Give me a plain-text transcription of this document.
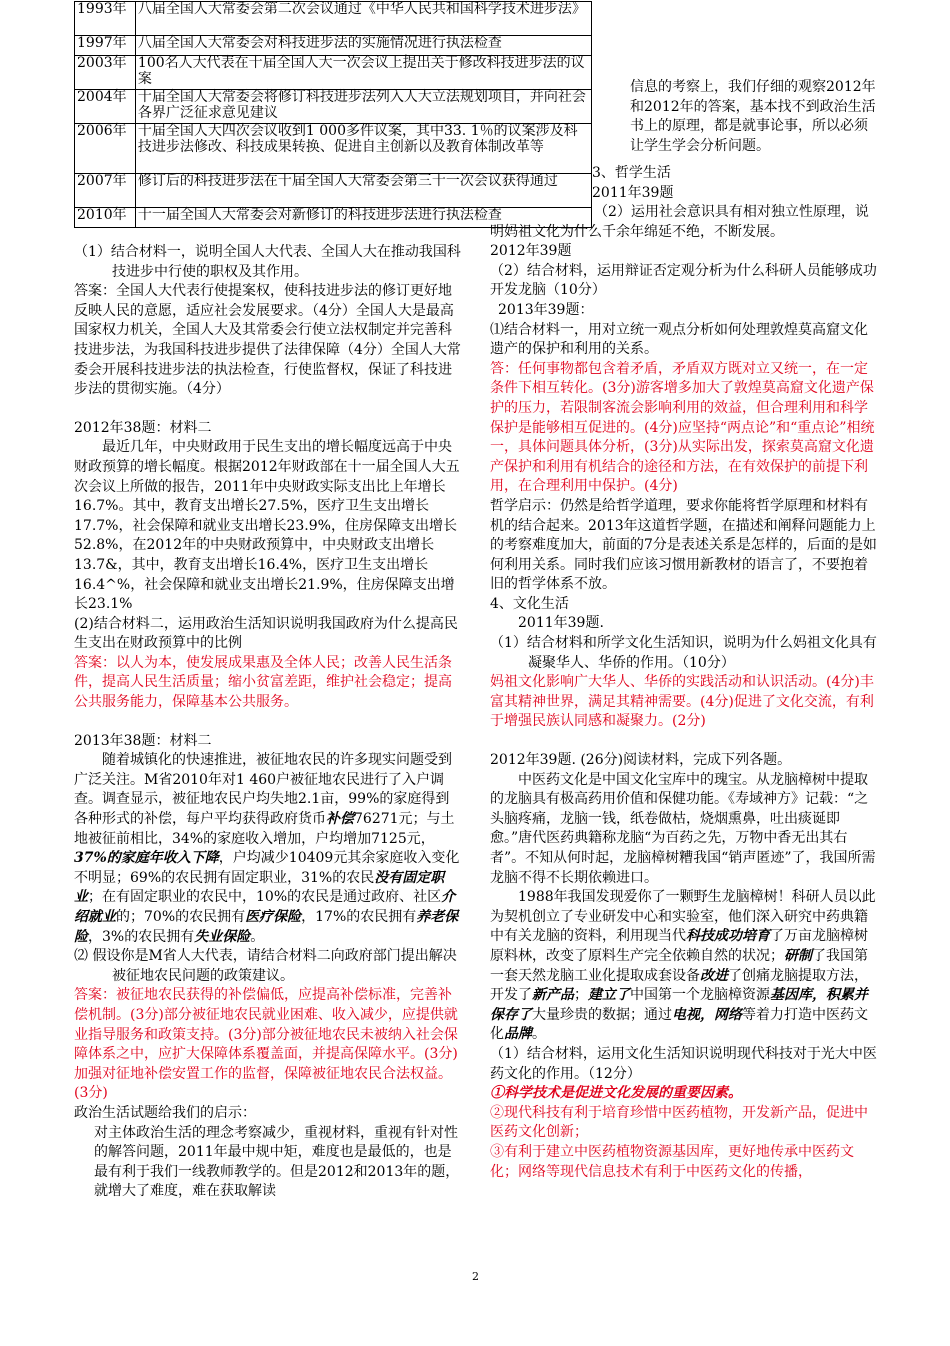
1993年	八届全国人大常委会第二次会议通过《中华人民共和国科学技术进步法》
1997年	八届全国人大常委会对科技进步法的实施情况进行执法检查
2003年	100名人大代表在十届全国人大一次会议上提出关于修改科技进步法的议案
2004年	十届全国人大常委会将修订科技进步法列入人大立法规划项目，并向社会各界广泛征求意见建议
2006年	十届全国人大四次会议收到1 000多件议案，其中33. 1％的议案涉及科技进步法修改、科技成果转换、促进自主创新以及教育体制改革等
2007年	修订后的科技进步法在十届全国人大常委会第三十一次会议获得通过
2010年	十一届全国人大常委会对新修订的科技进步法进行执法检查

信息的考察上，我们仔细的观察2012年和2012年的答案，基本找不到政治生活书上的原理，都是就事论事，所以必须让学生学会分析问题。

3、哲学生活

2011年39题

（1）结合材料一，说明全国人大代表、全国人大在推动我国科技进步中行使的职权及其作用。

答案：全国人大代表行使提案权，使科技进步法的修订更好地反映人民的意愿，适应社会发展要求。（4分）全国人大是最高国家权力机关，全国人大及其常委会行使立法权制定并完善科技进步法，为我国科技进步提供了法律保障（4分）全国人大常委会开展科技进步法的执法检查，行使监督权，保证了科技进步法的贯彻实施。（4分）

2012年38题：材料二

最近几年，中央财政用于民生支出的增长幅度远高于中央财政预算的增长幅度。根据2012年财政部在十一届全国人大五次会议上所做的报告，2011年中央财政实际支出比上年增长16.7%。其中，教育支出增长27.5%，医疗卫生支出增长17.7%，社会保障和就业支出增长23.9%，住房保障支出增长52.8%，在2012年的中央财政预算中，中央财政支出增长13.7&，其中，教育支出增长16.4%，医疗卫生支出增长16.4^%，社会保障和就业支出增长21.9%，住房保障支出增长23.1%

(2)结合材料二，运用政治生活知识说明我国政府为什么提高民生支出在财政预算中的比例

答案：以人为本，使发展成果惠及全体人民；改善人民生活条件，提高人民生活质量；缩小贫富差距，维护社会稳定；提高公共服务能力，保障基本公共服务。

2013年38题：材料二

随着城镇化的快速推进，被征地农民的许多现实问题受到广泛关注。M省2010年对1 460户被征地农民进行了入户调查。调查显示，被征地农民户均失地2.1亩，99%的家庭得到各种形式的补偿，每户平均获得政府货币补偿76271元；与土地被征前相比，34%的家庭收入增加，户均增加7125元，37%的家庭年收入下降，户均减少10409元其余家庭收入变化不明显；69%的农民拥有固定职业，31%的农民没有固定职业；在有固定职业的农民中，10%的农民是通过政府、社区介绍就业的；70%的农民拥有医疗保险，17%的农民拥有养老保险，3%的农民拥有失业保险。

⑵ 假设你是M省人大代表，请结合材料二向政府部门提出解决被征地农民问题的政策建议。

答案：被征地农民获得的补偿偏低，应提高补偿标准，完善补偿机制。(3分)部分被征地农民就业困难、收入减少，应提供就业指导服务和政策支持。(3分)部分被征地农民未被纳入社会保障体系之中，应扩大保障体系覆盖面，并提高保障水平。(3分)加强对征地补偿安置工作的监督，保障被征地农民合法权益。(3分)

政治生活试题给我们的启示：

对主体政治生活的理念考察减少，重视材料，重视有针对性的解答问题，2011年最中规中矩，难度也是最低的，也是最有利于我们一线教师教学的。但是2012和2013年的题，就增大了难度，难在获取解读

（2）运用社会意识具有相对独立性原理，说明妈祖文化为什么千余年绵延不绝，不断发展。

2012年39题

（2）结合材料，运用辩证否定观分析为什么科研人员能够成功开发龙脑（10分）

2013年39题：

⑴结合材料一，用对立统一观点分析如何处理敦煌莫高窟文化遗产的保护和利用的关系。

答：任何事物都包含着矛盾，矛盾双方既对立又统一，在一定条件下相互转化。(3分)游客增多加大了敦煌莫高窟文化遗产保护的压力，若限制客流会影响利用的效益，但合理利用和科学保护是能够相互促进的。(4分)应坚持“两点论”和“重点论”相统一，具体问题具体分析，(3分)从实际出发，探索莫高窟文化遗产保护和利用有机结合的途径和方法，在有效保护的前提下利用，在合理利用中保护。(4分)

哲学启示：仍然是给哲学道理，要求你能将哲学原理和材料有机的结合起来。2013年这道哲学题，在描述和阐释问题能力上的考察难度加大，前面的7分是表述关系是怎样的，后面的是如何利用关系。同时我们应该习惯用新教材的语言了，不要抱着旧的哲学体系不放。

4、文化生活

2011年39题.

（1）结合材料和所学文化生活知识，说明为什么妈祖文化具有凝聚华人、华侨的作用。（10分）

妈祖文化影响广大华人、华侨的实践活动和认识活动。(4分)丰富其精神世界，满足其精神需要。(4分)促进了文化交流，有利于增强民族认同感和凝聚力。(2分)

2012年39题. (26分)阅读材料，完成下列各题。

中医药文化是中国文化宝库中的瑰宝。从龙脑樟树中提取的龙脑具有极高药用价值和保健功能。《寿域神方》记载：“之头脑疼痛，龙脑一钱，纸卷做枯，烧烟熏鼻，吐出痰诞即愈。”唐代医药典籍称龙脑“为百药之先，万物中香无出其右者”。不知从何时起，龙脑樟树糟我国“销声匿迹”了，我国所需龙脑不得不长期依赖进口。

1988年我国发现爱你了一颗野生龙脑樟树！科研人员以此为契机创立了专业研发中心和实验室，他们深入研究中药典籍中有关龙脑的资料，利用现当代科技成功培育了万亩龙脑樟树原料林，改变了原料生产完全依赖自然的状况；研制了我国第一套天然龙脑工业化提取成套设备改进了创痛龙脑提取方法，开发了新产品；建立了中国第一个龙脑樟资源基因库，积累并保存了大量珍贵的数据；通过电视，网络等着力打造中医药文化品牌。

（1）结合材料，运用文化生活知识说明现代科技对于光大中医药文化的作用。（12分）

①科学技术是促进文化发展的重要因素。

②现代科技有利于培育珍惜中医药植物，开发新产品，促进中医药文化创新；

③有利于建立中医药植物资源基因库，更好地传承中医药文化；网络等现代信息技术有利于中医药文化的传播，

2
